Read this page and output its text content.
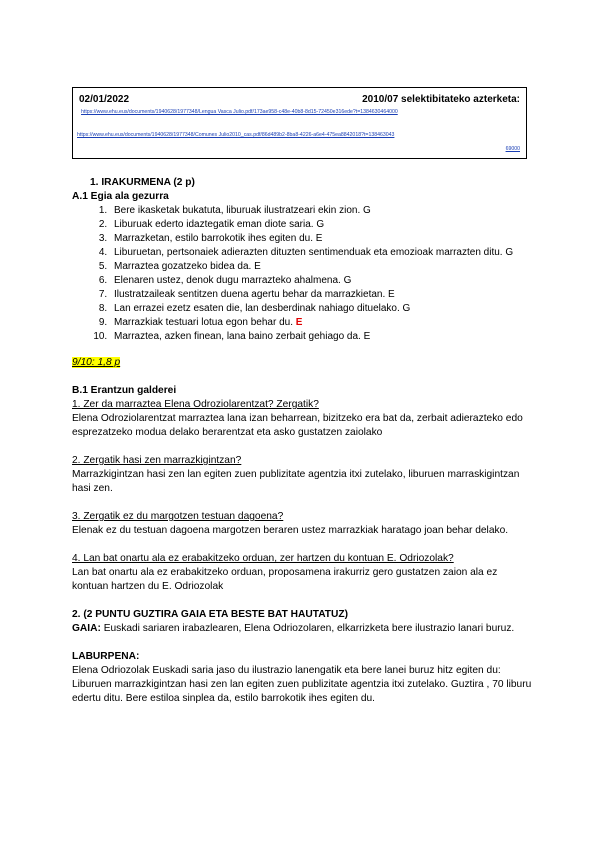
02/01/2022	2010/07 selektibitateko azterketa:
https://www.ehu.eus/documents/1940628/1977348/Lengua Vasca Julio.pdf/173ae958-c48e-40b8-8d15-72450e316ede?t=1384630464000
https://www.ehu.eus/documents/1940628/1977348/Comunes Julio2010_cas.pdf/86d489b2-8ba8-4226-a6e4-475ea8842018?t=138463043
69000
1. IRAKURMENA (2 p)
A.1 Egia ala gezurra
1. Bere ikasketak bukatuta, liburuak ilustratzeari ekin zion. G
2. Liburuak ederto idaztegatik eman diote saria. G
3. Marrazketan, estilo barrokotik ihes egiten du. E
4. Liburuetan, pertsonaiek adierazten dituzten sentimenduak eta emozioak marrazten ditu. G
5. Marraztea gozatzeko bidea da. E
6. Elenaren ustez, denok dugu marrazteko ahalmena. G
7. Ilustratzaileak sentitzen duena agertu behar da marrazkietan. E
8. Lan errazei ezetz esaten die, lan desberdinak nahiago dituelako. G
9. Marrazkiak testuari lotua egon behar du. E
10. Marraztea, azken finean, lana baino zerbait gehiago da. E
9/10: 1,8 p
B.1 Erantzun galderei
1. Zer da marraztea Elena Odroziolarentzat? Zergatik?
Elena Odroziolarentzat marraztea lana izan beharrean, bizitzeko era bat da, zerbait adierazteko edo esprezatzeko modua delako berarentzat eta asko gustatzen zaiolako
2. Zergatik hasi zen marrazkigintzan?
Marrazkigintzan hasi zen lan egiten zuen publizitate agentzia itxi zutelako, liburuen marraskigintzan hasi zen.
3. Zergatik ez du margotzen testuan dagoena?
Elenak ez du testuan dagoena margotzen beraren ustez marrazkiak haratago joan behar delako.
4. Lan bat onartu ala ez erabakitzeko orduan, zer hartzen du kontuan E. Odriozolak?
Lan bat onartu ala ez erabakitzeko orduan, proposamena irakurriz gero gustatzen zaion ala ez kontuan hartzen du E. Odriozolak
2. (2 PUNTU GUZTIRA GAIA ETA BESTE BAT HAUTATUZ)
GAIA: Euskadi sariaren irabazlearen, Elena Odriozolaren, elkarrizketa bere ilustrazio lanari buruz.
LABURPENA:
Elena Odriozolak Euskadi saria jaso du ilustrazio lanengatik eta bere lanei buruz hitz egiten du: Liburuen marrazkigintzan hasi zen lan egiten zuen publizitate agentzia itxi zutelako. Guztira , 70 liburu edertu ditu. Bere estiloa sinplea da, estilo barrokotik ihes egiten du.
